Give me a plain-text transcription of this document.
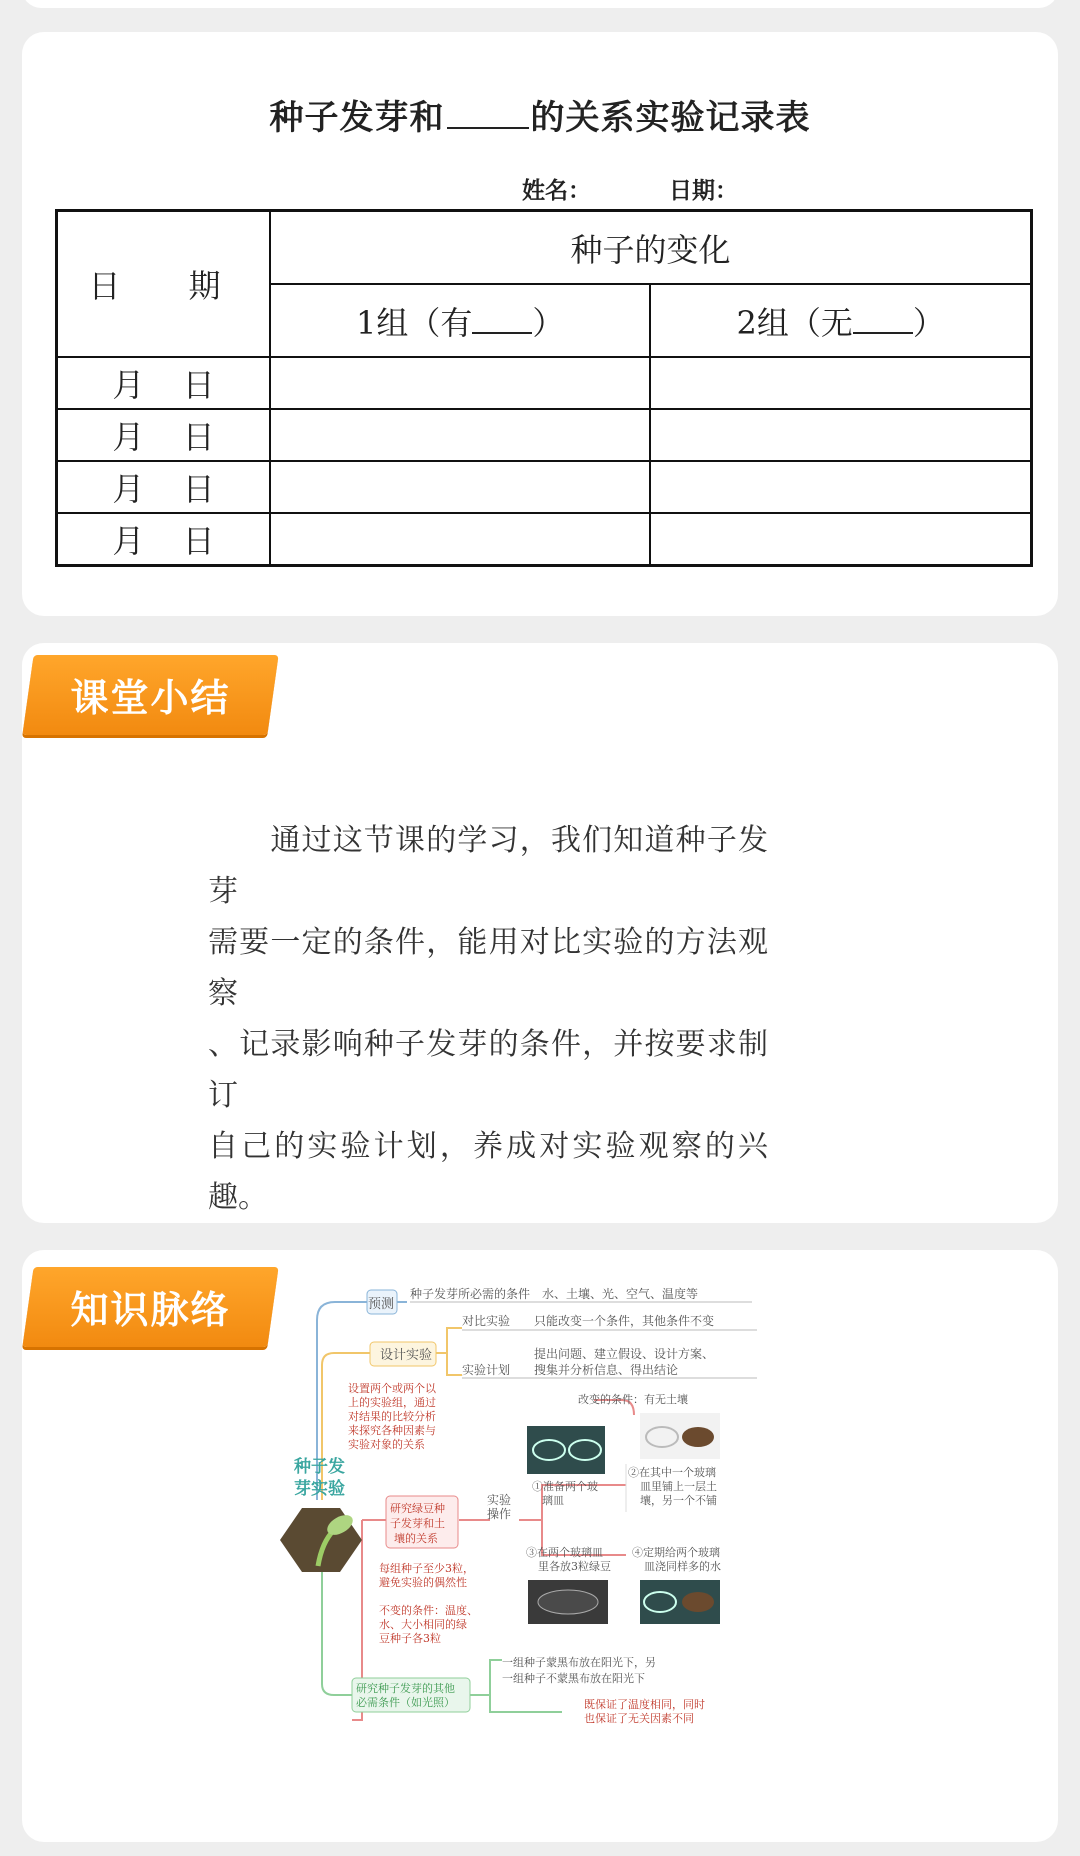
种子发芽和	的关系实验记录表
姓名：	日期：
日　期	种子的变化	
	1组（有 ）	2组（无 ）
月 日		
月 日		
月 日		
月 日		
课堂小结

　　通过这节课的学习，我们知道种子发芽

需要一定的条件，能用对比实验的方法观察

、记录影响种子发芽的条件，并按要求制订

自己的实验计划，养成对实验观察的兴趣。

预测
种子发芽所必需的条件　水、土壤、光、空气、温度等
设计实验
对比实验 只能改变一个条件，其他条件不变
实验计划
提出问题、建立假设、设计方案、
搜集并分析信息、得出结论
设置两个或两个以
上的实验组，通过
对结果的比较分析
来探究各种因素与
实验对象的关系
种子发
芽实验
改变的条件：有无土壤
①准备两个玻
璃皿
②在其中一个玻璃
皿里铺上一层土
壤，另一个不铺
实验
操作
研究绿豆种
子发芽和土
壤的关系
③在两个玻璃皿
里各放3粒绿豆
④定期给两个玻璃
皿浇同样多的水
每组种子至少3粒，
避免实验的偶然性
不变的条件：温度、
水、大小相同的绿
豆种子各3粒
研究种子发芽的其他
必需条件（如光照）
一组种子蒙黑布放在阳光下，另
一组种子不蒙黑布放在阳光下
既保证了温度相同，同时
也保证了无关因素不同
知识脉络
